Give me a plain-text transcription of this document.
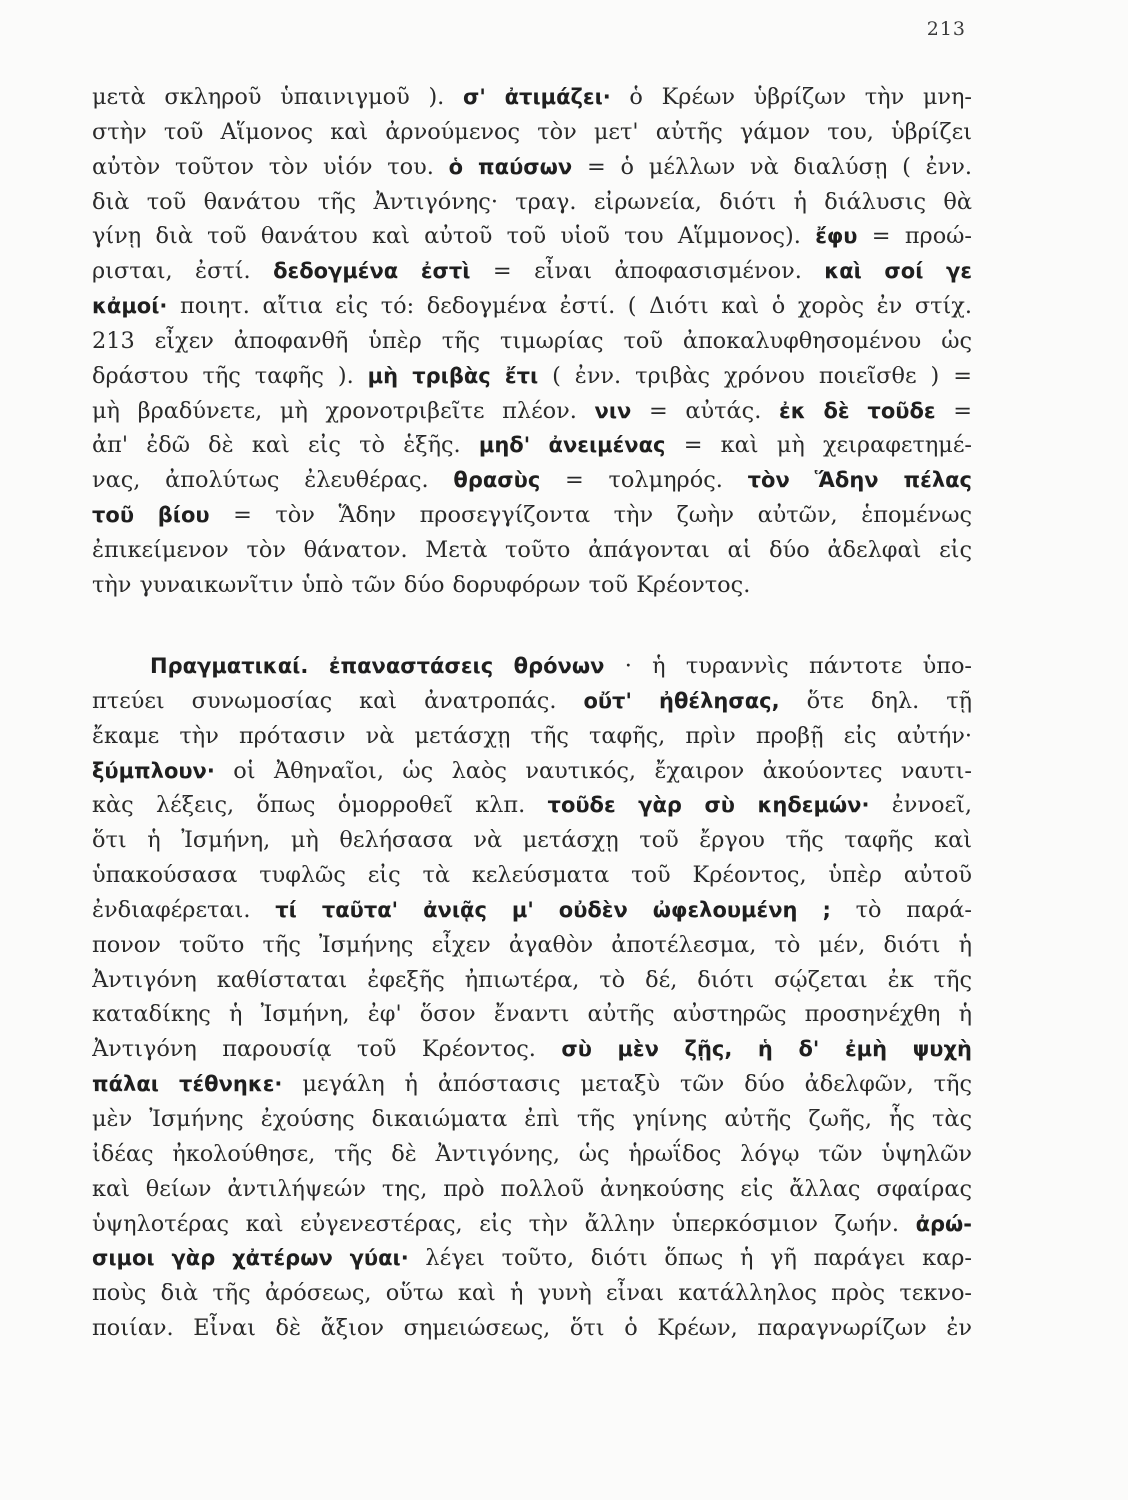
213
μετὰ σκληροῦ ὑπαινιγμοῦ ). σ' ἀτιμάζει· ὁ Κρέων ὑβρίζων τὴν μνη-
στὴν τοῦ Αἵμονος καὶ ἀρνούμενος τὸν μετ' αὐτῆς γάμον του, ὑβρίζει
αὐτὸν τοῦτον τὸν υἱόν του. ὁ παύσων = ὁ μέλλων νὰ διαλύσῃ ( ἐνν.
διὰ τοῦ θανάτου τῆς Ἀντιγόνης· τραγ. εἰρωνεία, διότι ἡ διάλυσις θὰ
γίνῃ διὰ τοῦ θανάτου καὶ αὐτοῦ τοῦ υἱοῦ του Αἵμμονος). ἔφυ = προώ-
ρισται, ἐστί. δεδογμένα ἐστὶ = εἶναι ἀποφασισμένον. καὶ σοί γε
κἀμοί· ποιητ. αἴτια εἰς τό: δεδογμένα ἐστί. ( Διότι καὶ ὁ χορὸς ἐν στίχ.
213 εἶχεν ἀποφανθῆ ὑπὲρ τῆς τιμωρίας τοῦ ἀποκαλυφθησομένου ὡς
δράστου τῆς ταφῆς ). μὴ τριβὰς ἔτι ( ἐνν. τριβὰς χρόνου ποιεῖσθε ) =
μὴ βραδύνετε, μὴ χρονοτριβεῖτε πλέον. νιν = αὐτάς. ἐκ δὲ τοῦδε =
ἀπ' ἐδῶ δὲ καὶ εἰς τὸ ἑξῆς. μηδ' ἀνειμένας = καὶ μὴ χειραφετημέ-
νας, ἀπολύτως ἐλευθέρας. θρασὺς = τολμηρός. τὸν Ἅδην πέλας
τοῦ βίου = τὸν Ἅδην προσεγγίζοντα τὴν ζωὴν αὐτῶν, ἑπομένως
ἐπικείμενον τὸν θάνατον. Μετὰ τοῦτο ἀπάγονται αἱ δύο ἀδελφαὶ εἰς
τὴν γυναικωνῖτιν ὑπὸ τῶν δύο δορυφόρων τοῦ Κρέοντος.
Πραγματικαί. ἐπαναστάσεις θρόνων · ἡ τυραννὶς πάντοτε ὑπο-
πτεύει συνωμοσίας καὶ ἀνατροπάς. οὔτ' ἠθέλησας, ὅτε δηλ. τῇ
ἔκαμε τὴν πρότασιν νὰ μετάσχῃ τῆς ταφῆς, πρὶν προβῇ εἰς αὐτήν·
ξύμπλουν· οἱ Ἀθηναῖοι, ὡς λαὸς ναυτικός, ἔχαιρον ἀκούοντες ναυτι-
κὰς λέξεις, ὅπως ὁμορροθεῖ κλπ. τοῦδε γὰρ σὺ κηδεμών· ἐννοεῖ,
ὅτι ἡ Ἰσμήνη, μὴ θελήσασα νὰ μετάσχῃ τοῦ ἔργου τῆς ταφῆς καὶ
ὑπακούσασα τυφλῶς εἰς τὰ κελεύσματα τοῦ Κρέοντος, ὑπὲρ αὐτοῦ
ἐνδιαφέρεται. τί ταῦτα' ἀνιᾷς μ' οὐδὲν ὠφελουμένη ; τὸ παρά-
πονον τοῦτο τῆς Ἰσμήνης εἶχεν ἀγαθὸν ἀποτέλεσμα, τὸ μέν, διότι ἡ
Ἀντιγόνη καθίσταται ἐφεξῆς ἠπιωτέρα, τὸ δέ, διότι σῴζεται ἐκ τῆς
καταδίκης ἡ Ἰσμήνη, ἐφ' ὅσον ἔναντι αὐτῆς αὐστηρῶς προσηνέχθη ἡ
Ἀντιγόνη παρουσίᾳ τοῦ Κρέοντος. σὺ μὲν ζῇς, ἡ δ' ἐμὴ ψυχὴ
πάλαι τέθνηκε· μεγάλη ἡ ἀπόστασις μεταξὺ τῶν δύο ἀδελφῶν, τῆς
μὲν Ἰσμήνης ἐχούσης δικαιώματα ἐπὶ τῆς γηίνης αὐτῆς ζωῆς, ἧς τὰς
ἰδέας ἠκολούθησε, τῆς δὲ Ἀντιγόνης, ὡς ἡρωΐδος λόγῳ τῶν ὑψηλῶν
καὶ θείων ἀντιλήψεών της, πρὸ πολλοῦ ἀνηκούσης εἰς ἄλλας σφαίρας
ὑψηλοτέρας καὶ εὐγενεστέρας, εἰς τὴν ἄλλην ὑπερκόσμιον ζωήν. ἀρώ-
σιμοι γὰρ χἀτέρων γύαι· λέγει τοῦτο, διότι ὅπως ἡ γῆ παράγει καρ-
ποὺς διὰ τῆς ἀρόσεως, οὕτω καὶ ἡ γυνὴ εἶναι κατάλληλος πρὸς τεκνο-
ποιίαν. Εἶναι δὲ ἄξιον σημειώσεως, ὅτι ὁ Κρέων, παραγνωρίζων ἐν
